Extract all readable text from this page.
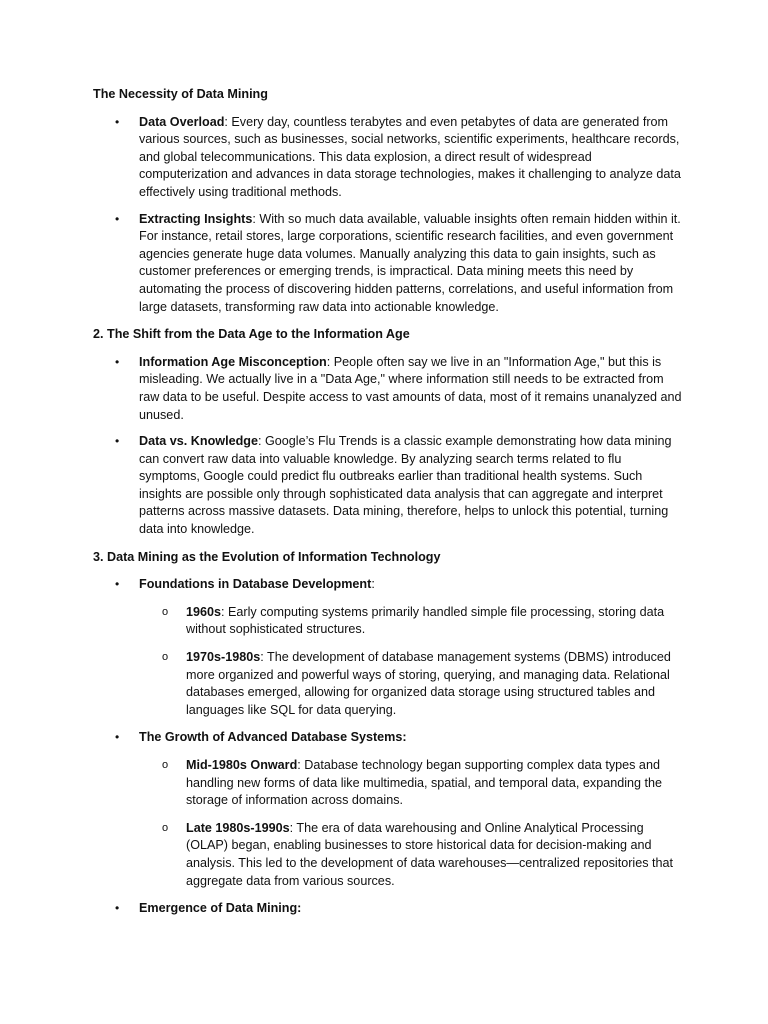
The Necessity of Data Mining
• Data Overload: Every day, countless terabytes and even petabytes of data are generated from various sources, such as businesses, social networks, scientific experiments, healthcare records, and global telecommunications. This data explosion, a direct result of widespread computerization and advances in data storage technologies, makes it challenging to analyze data effectively using traditional methods.
• Extracting Insights: With so much data available, valuable insights often remain hidden within it. For instance, retail stores, large corporations, scientific research facilities, and even government agencies generate huge data volumes. Manually analyzing this data to gain insights, such as customer preferences or emerging trends, is impractical. Data mining meets this need by automating the process of discovering hidden patterns, correlations, and useful information from large datasets, transforming raw data into actionable knowledge.
2. The Shift from the Data Age to the Information Age
• Information Age Misconception: People often say we live in an "Information Age," but this is misleading. We actually live in a "Data Age," where information still needs to be extracted from raw data to be useful. Despite access to vast amounts of data, most of it remains unanalyzed and unused.
• Data vs. Knowledge: Google’s Flu Trends is a classic example demonstrating how data mining can convert raw data into valuable knowledge. By analyzing search terms related to flu symptoms, Google could predict flu outbreaks earlier than traditional health systems. Such insights are possible only through sophisticated data analysis that can aggregate and interpret patterns across massive datasets. Data mining, therefore, helps to unlock this potential, turning data into knowledge.
3. Data Mining as the Evolution of Information Technology
• Foundations in Database Development:
o 1960s: Early computing systems primarily handled simple file processing, storing data without sophisticated structures.
o 1970s-1980s: The development of database management systems (DBMS) introduced more organized and powerful ways of storing, querying, and managing data. Relational databases emerged, allowing for organized data storage using structured tables and languages like SQL for data querying.
• The Growth of Advanced Database Systems:
o Mid-1980s Onward: Database technology began supporting complex data types and handling new forms of data like multimedia, spatial, and temporal data, expanding the storage of information across domains.
o Late 1980s-1990s: The era of data warehousing and Online Analytical Processing (OLAP) began, enabling businesses to store historical data for decision-making and analysis. This led to the development of data warehouses—centralized repositories that aggregate data from various sources.
• Emergence of Data Mining:
